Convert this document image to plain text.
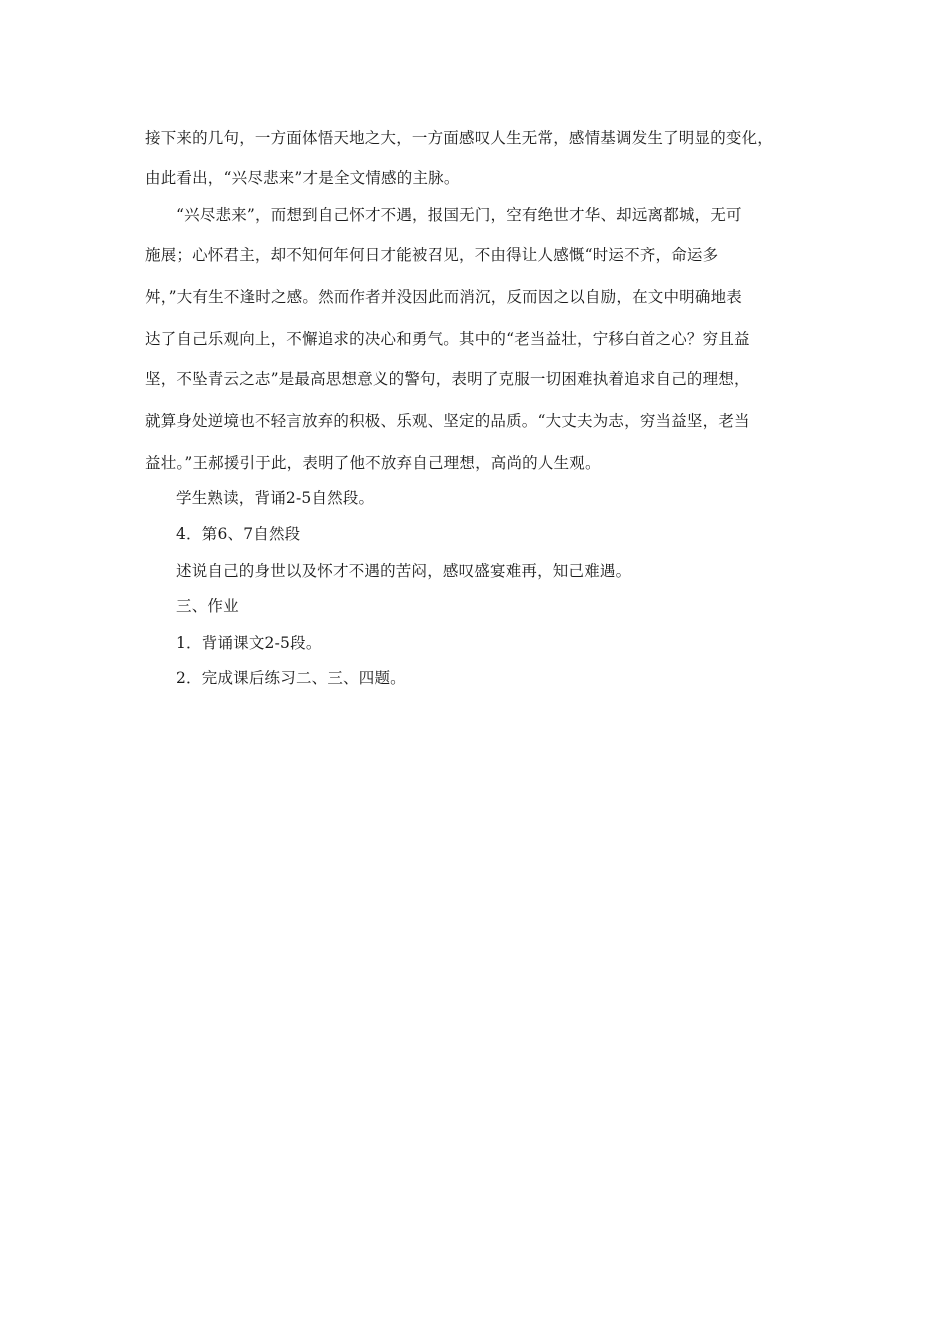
接下来的几句，一方面体悟天地之大，一方面感叹人生无常，感情基调发生了明显的变化，
由此看出，“兴尽悲来”才是全文情感的主脉。
“兴尽悲来”，而想到自己怀才不遇，报国无门，空有绝世才华、却远离都城，无可
施展；心怀君主，却不知何年何日才能被召见，不由得让人感慨“时运不齐，命运多
舛，”大有生不逢时之感。然而作者并没因此而消沉，反而因之以自励，在文中明确地表
达了自己乐观向上，不懈追求的决心和勇气。其中的“老当益壮，宁移白首之心？穷且益
坚，不坠青云之志”是最高思想意义的警句，表明了克服一切困难执着追求自己的理想，
就算身处逆境也不轻言放弃的积极、乐观、坚定的品质。“大丈夫为志，穷当益坚，老当
益壮。”王郝援引于此，表明了他不放弃自己理想，高尚的人生观。
学生熟读，背诵2-5自然段。
4．第6、7自然段
述说自己的身世以及怀才不遇的苦闷，感叹盛宴难再，知己难遇。
三、作业
1．背诵课文2-5段。
2．完成课后练习二、三、四题。
